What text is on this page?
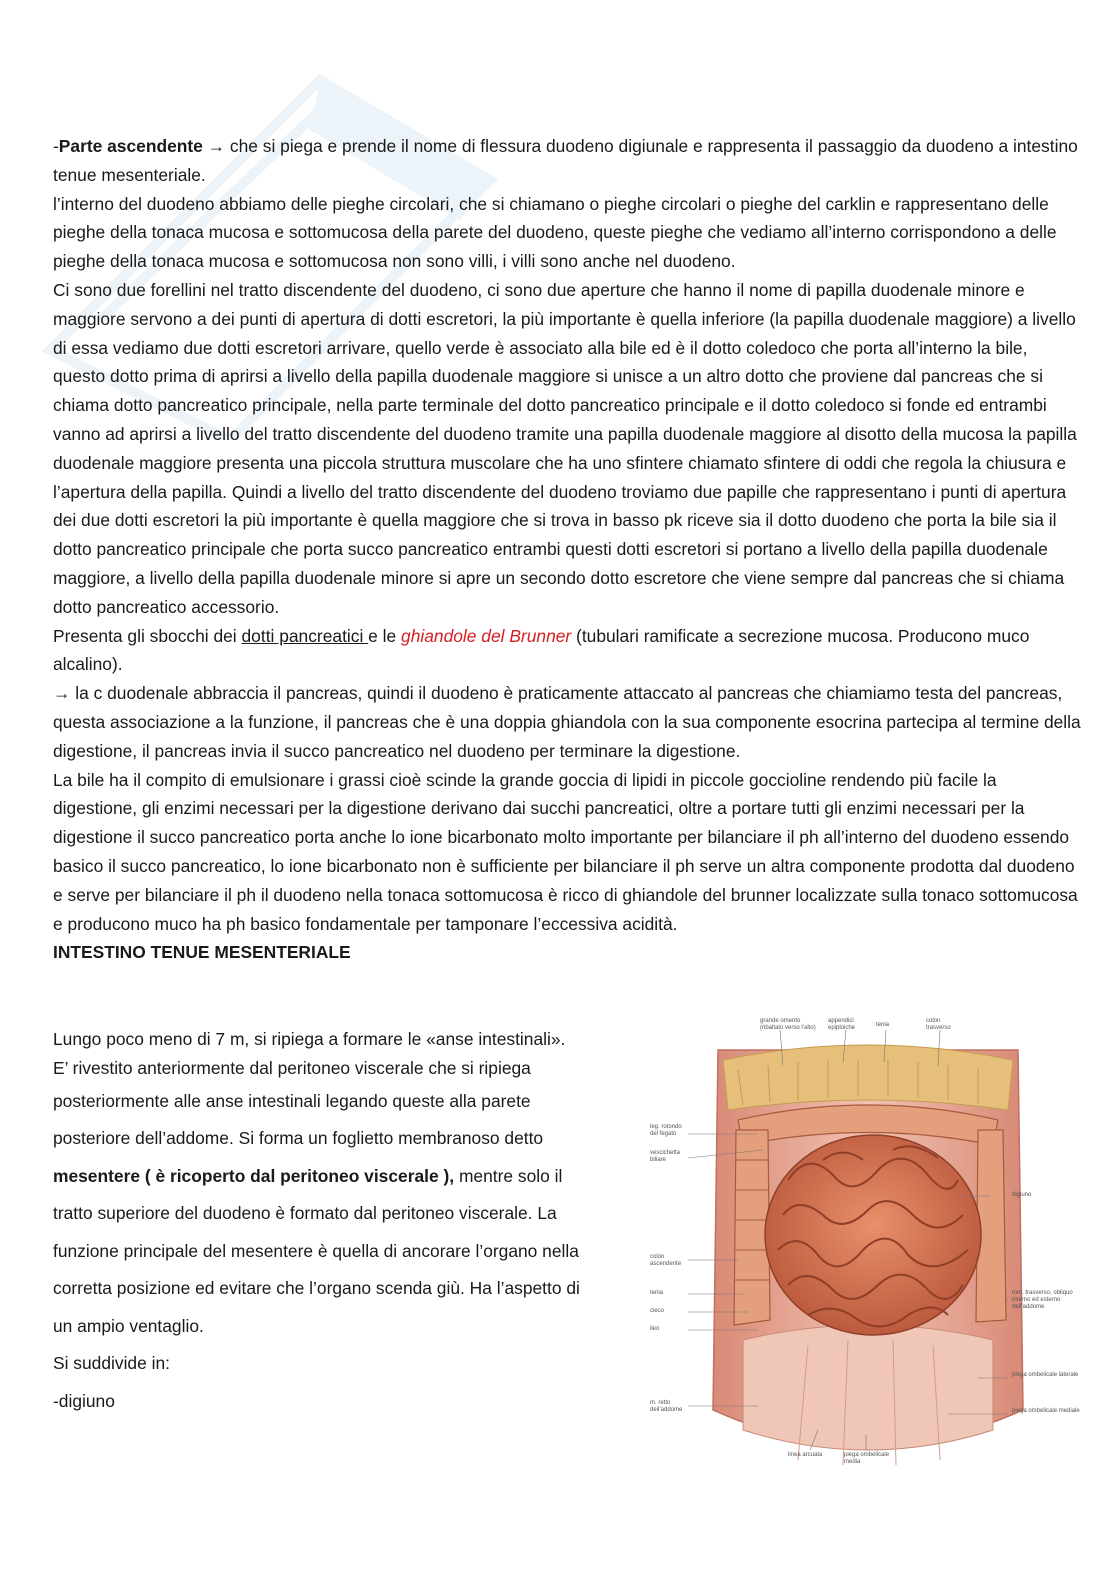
-Parte ascendente → che si piega e prende il nome di flessura duodeno digiunale e rappresenta il passaggio da duodeno a intestino tenue mesenteriale.

l’interno del duodeno abbiamo delle pieghe circolari, che si chiamano o pieghe circolari o pieghe del carklin e rappresentano delle pieghe della tonaca mucosa e sottomucosa della parete del duodeno, queste pieghe che vediamo all’interno corrispondono a delle pieghe della tonaca mucosa e sottomucosa non sono villi, i villi sono anche nel duodeno.

Ci sono due forellini nel tratto discendente del duodeno, ci sono due aperture che hanno il nome di papilla duodenale minore e maggiore servono a dei punti di apertura di dotti escretori, la più importante è quella inferiore (la papilla duodenale maggiore) a livello di essa vediamo due dotti escretori arrivare, quello verde è associato alla bile ed è il dotto coledoco che porta all’interno la bile, questo dotto prima di aprirsi a livello della papilla duodenale maggiore si unisce a un altro dotto che proviene dal pancreas che si chiama dotto pancreatico principale, nella parte terminale del dotto pancreatico principale e il dotto coledoco si fonde ed entrambi vanno ad aprirsi a livello del tratto discendente del duodeno tramite una papilla duodenale maggiore al disotto della mucosa la papilla duodenale maggiore presenta una piccola struttura muscolare che ha uno sfintere chiamato sfintere di oddi che regola la chiusura e l’apertura della papilla. Quindi a livello del tratto discendente del duodeno troviamo due papille che rappresentano i punti di apertura dei due dotti escretori la più importante è quella maggiore che si trova in basso pk riceve sia il dotto duodeno che porta la bile sia il dotto pancreatico principale che porta succo pancreatico entrambi questi dotti escretori si portano a livello della papilla duodenale maggiore, a livello della papilla duodenale minore si apre un secondo dotto escretore che viene sempre dal pancreas che si chiama dotto pancreatico accessorio.

Presenta gli sbocchi dei dotti pancreatici e le ghiandole del Brunner (tubulari ramificate a secrezione mucosa. Producono muco alcalino).

→ la c duodenale abbraccia il pancreas, quindi il duodeno è praticamente attaccato al pancreas che chiamiamo testa del pancreas, questa associazione a la funzione, il pancreas che è una doppia ghiandola con la sua componente esocrina partecipa al termine della digestione, il pancreas invia il succo pancreatico nel duodeno per terminare la digestione.

La bile ha il compito di emulsionare i grassi cioè scinde la grande goccia di lipidi in piccole goccioline rendendo più facile la digestione, gli enzimi necessari per la digestione derivano dai succhi pancreatici, oltre a portare tutti gli enzimi necessari per la digestione il succo pancreatico porta anche lo ione bicarbonato molto importante per bilanciare il ph all’interno del duodeno essendo basico il succo pancreatico, lo ione bicarbonato non è sufficiente per bilanciare il ph serve un altra componente prodotta dal duodeno e serve per bilanciare il ph il duodeno nella tonaca sottomucosa è ricco di ghiandole del brunner localizzate sulla tonaco sottomucosa e producono muco ha ph basico fondamentale per tamponare l’eccessiva acidità.

INTESTINO TENUE MESENTERIALE

Lungo poco meno di 7 m, si ripiega a formare le «anse intestinali».

E’ rivestito anteriormente dal peritoneo viscerale che si ripiega

posteriormente alle anse intestinali legando queste alla parete

posteriore dell’addome. Si forma un foglietto membranoso detto

mesentere ( è ricoperto dal peritoneo viscerale ), mentre solo il

tratto superiore del duodeno è formato dal peritoneo viscerale. La

funzione principale del mesentere è quella di ancorare l’organo nella

corretta posizione ed evitare che l’organo scenda giù. Ha l’aspetto di

un ampio ventaglio.

Si suddivide in:

-digiuno

grande omento (ribaltato verso l’alto)
appendici epiploiche	tenia
colon trasverso
leg. rotondo del fegato
vescichetta biliare
digiuno
colon ascendente
tenia
cieco
ileo
mm. trasverso, obliquo interno ed esterno dell’addome
piega ombelicale laterale
m. retto dell’addome	piega ombelicale mediale
linea arcuata	piega ombelicale media
